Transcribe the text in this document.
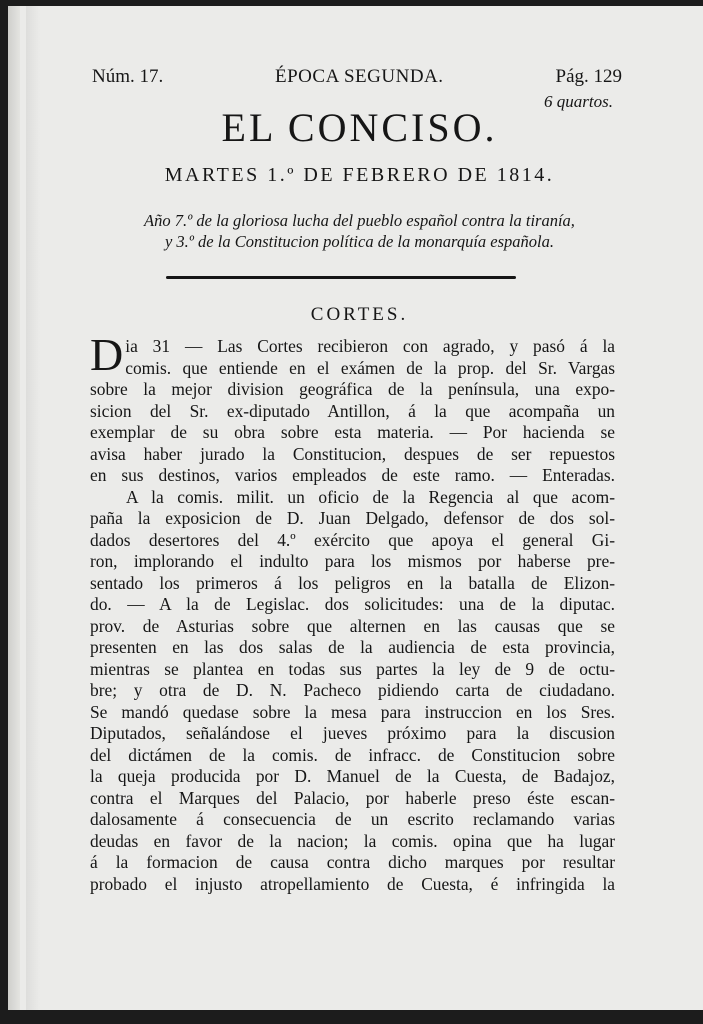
Núm. 17.	ÉPOCA SEGUNDA.	Pág. 129
6 quartos.
EL CONCISO.
MARTES 1.º DE FEBRERO DE 1814.
Año 7.º de la gloriosa lucha del pueblo español contra la tiranía,
y 3.º de la Constitucion política de la monarquía española.
CORTES.
D ia 31 — Las Cortes recibieron con agrado, y pasó á la
comis. que entiende en el exámen de la prop. del Sr. Vargas
sobre la mejor division geográfica de la península, una expo-
sicion del Sr. ex-diputado Antillon, á la que acompaña un
exemplar de su obra sobre esta materia. — Por hacienda se
avisa haber jurado la Constitucion, despues de ser repuestos
en sus destinos, varios empleados de este ramo. — Enteradas.
A la comis. milit. un oficio de la Regencia al que acom-
paña la exposicion de D. Juan Delgado, defensor de dos sol-
dados desertores del 4.º exército que apoya el general Gi-
ron, implorando el indulto para los mismos por haberse pre-
sentado los primeros á los peligros en la batalla de Elizon-
do. — A la de Legislac. dos solicitudes: una de la diputac.
prov. de Asturias sobre que alternen en las causas que se
presenten en las dos salas de la audiencia de esta provincia,
mientras se plantea en todas sus partes la ley de 9 de octu-
bre; y otra de D. N. Pacheco pidiendo carta de ciudadano.
Se mandó quedase sobre la mesa para instruccion en los Sres.
Diputados, señalándose el jueves próximo para la discusion
del dictámen de la comis. de infracc. de Constitucion sobre
la queja producida por D. Manuel de la Cuesta, de Badajoz,
contra el Marques del Palacio, por haberle preso éste escan-
dalosamente á consecuencia de un escrito reclamando varias
deudas en favor de la nacion; la comis. opina que ha lugar
á la formacion de causa contra dicho marques por resultar
probado el injusto atropellamiento de Cuesta, é infringida la
